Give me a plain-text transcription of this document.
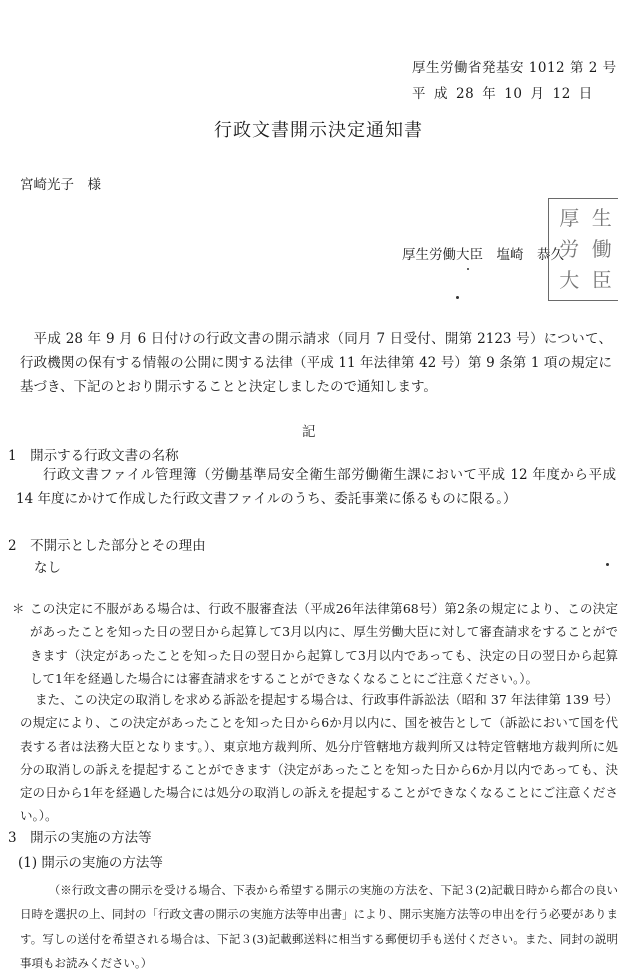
厚生労働省発基安 1012 第 2 号
平 成 28 年 10 月 12 日
行政文書開示決定通知書
宮崎光子　様
厚生労働大臣　塩崎　恭久
厚 生
労 働
大 臣
平成 28 年 9 月 6 日付けの行政文書の開示請求（同月 7 日受付、開第 2123 号）について、行政機関の保有する情報の公開に関する法律（平成 11 年法律第 42 号）第 9 条第 1 項の規定に基づき、下記のとおり開示することと決定しましたので通知します。
記
1　開示する行政文書の名称
行政文書ファイル管理簿（労働基準局安全衛生部労働衛生課において平成 12 年度から平成 14 年度にかけて作成した行政文書ファイルのうち、委託事業に係るものに限る。）
2　不開示とした部分とその理由
なし
＊ この決定に不服がある場合は、行政不服審査法（平成26年法律第68号）第2条の規定により、この決定があったことを知った日の翌日から起算して3月以内に、厚生労働大臣に対して審査請求をすることができます（決定があったことを知った日の翌日から起算して3月以内であっても、決定の日の翌日から起算して1年を経過した場合には審査請求をすることができなくなることにご注意ください。）。
また、この決定の取消しを求める訴訟を提起する場合は、行政事件訴訟法（昭和 37 年法律第 139 号）の規定により、この決定があったことを知った日から6か月以内に、国を被告として（訴訟において国を代表する者は法務大臣となります。）、東京地方裁判所、処分庁管轄地方裁判所又は特定管轄地方裁判所に処分の取消しの訴えを提起することができます（決定があったことを知った日から6か月以内であっても、決定の日から1年を経過した場合には処分の取消しの訴えを提起することができなくなることにご注意ください。）。
3　開示の実施の方法等
(1) 開示の実施の方法等
（※行政文書の開示を受ける場合、下表から希望する開示の実施の方法を、下記３(2)記載日時から都合の良い日時を選択の上、同封の「行政文書の開示の実施方法等申出書」により、開示実施方法等の申出を行う必要があります。写しの送付を希望される場合は、下記３(3)記載郵送料に相当する郵便切手も送付ください。また、同封の説明事項もお読みください。）
